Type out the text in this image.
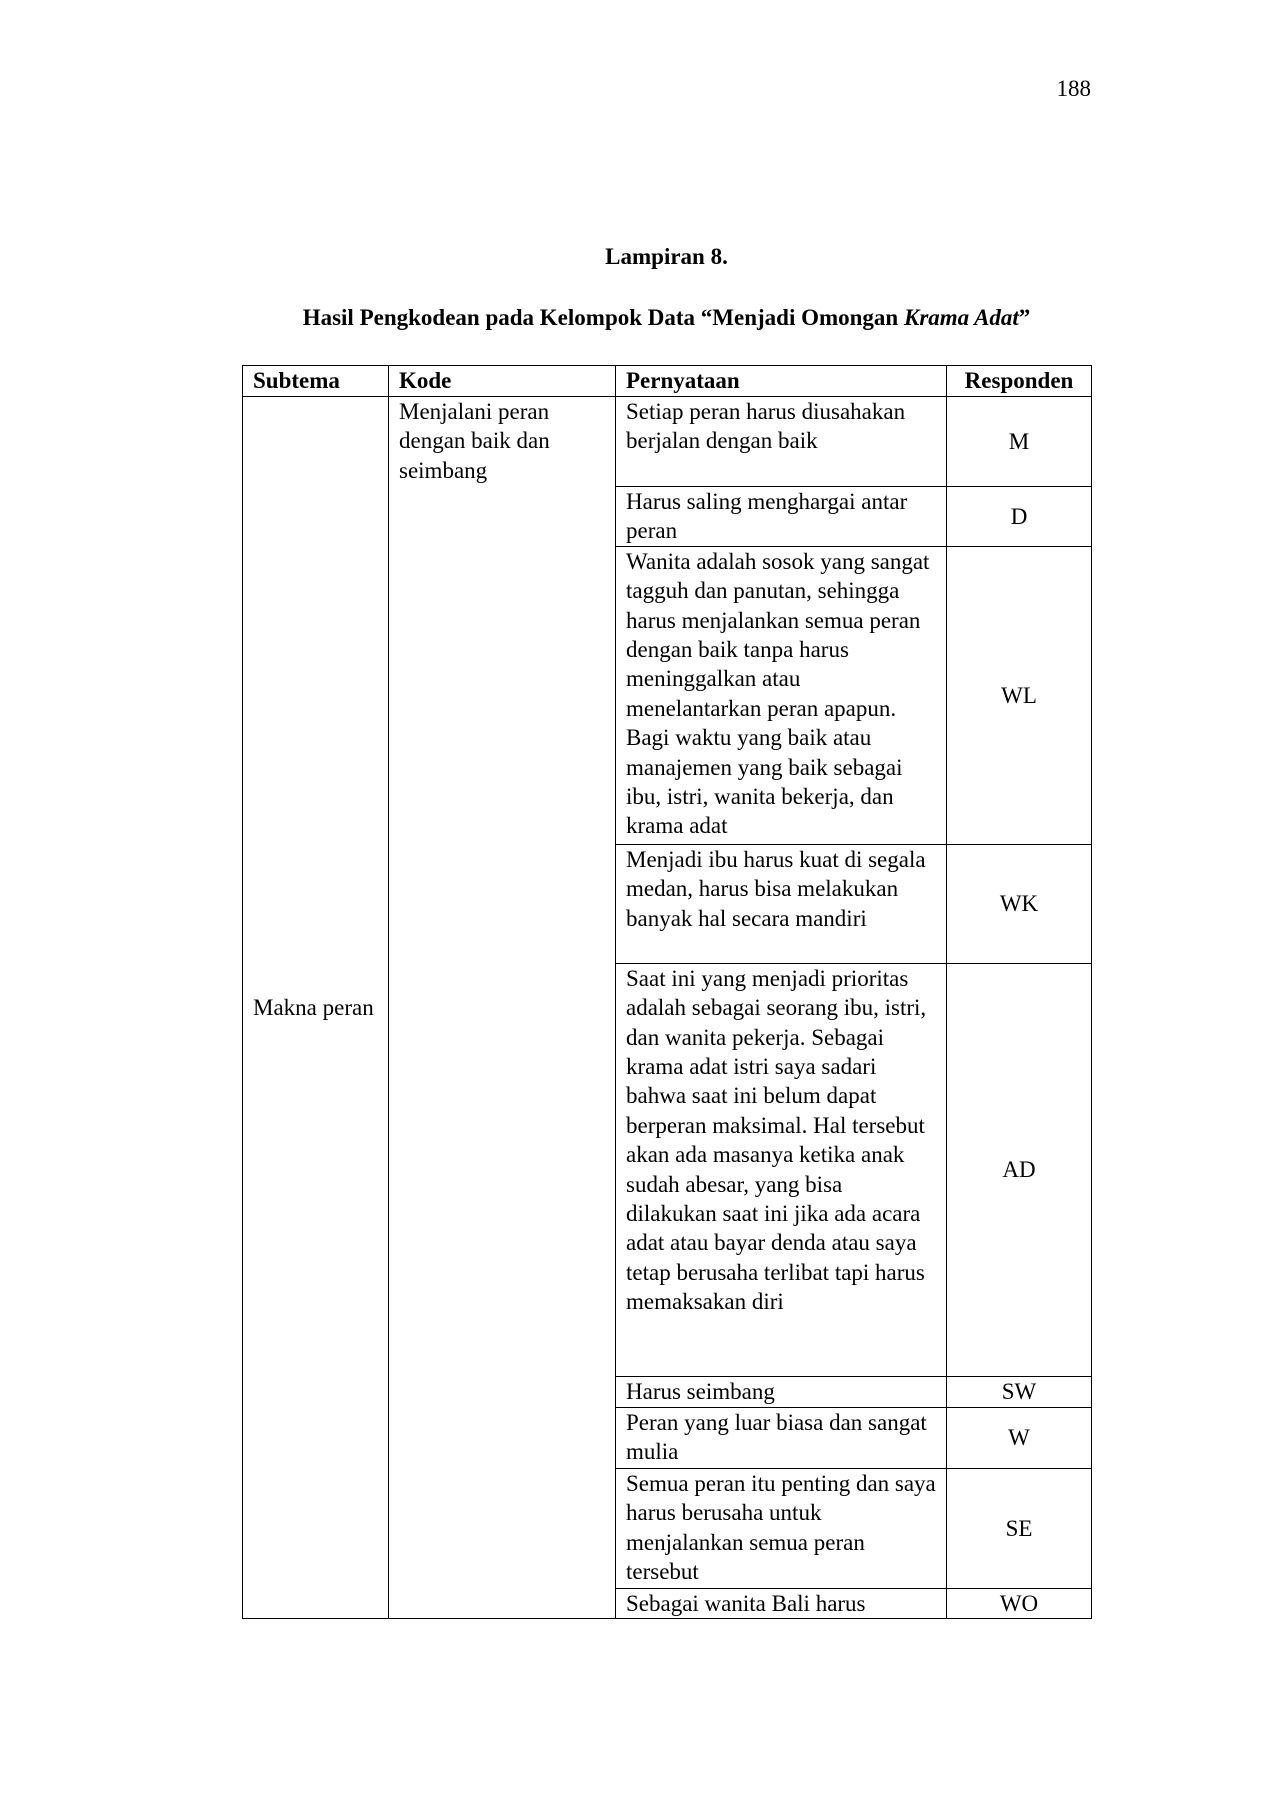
188
Lampiran 8.
Hasil Pengkodean pada Kelompok Data “Menjadi Omongan Krama Adat”
Subtema	Kode	Pernyataan	Responden
Makna peran	Menjalani peran dengan baik dan seimbang	Setiap peran harus diusahakan berjalan dengan baik	M
		Harus saling menghargai antar peran	D
		Wanita adalah sosok yang sangat tagguh dan panutan, sehingga harus menjalankan semua peran dengan baik tanpa harus meninggalkan atau menelantarkan peran apapun. Bagi waktu yang baik atau manajemen yang baik sebagai ibu, istri, wanita bekerja, dan krama adat	WL
		Menjadi ibu harus kuat di segala medan, harus bisa melakukan banyak hal secara mandiri	WK
		Saat ini yang menjadi prioritas adalah sebagai seorang ibu, istri, dan wanita pekerja. Sebagai krama adat istri saya sadari bahwa saat ini belum dapat berperan maksimal. Hal tersebut akan ada masanya ketika anak sudah abesar, yang bisa dilakukan saat ini jika ada acara adat atau bayar denda atau saya tetap berusaha terlibat tapi harus memaksakan diri	AD
		Harus seimbang	SW
		Peran yang luar biasa dan sangat mulia	W
		Semua peran itu penting dan saya harus berusaha untuk menjalankan semua peran tersebut	SE
		Sebagai wanita Bali harus	WO
